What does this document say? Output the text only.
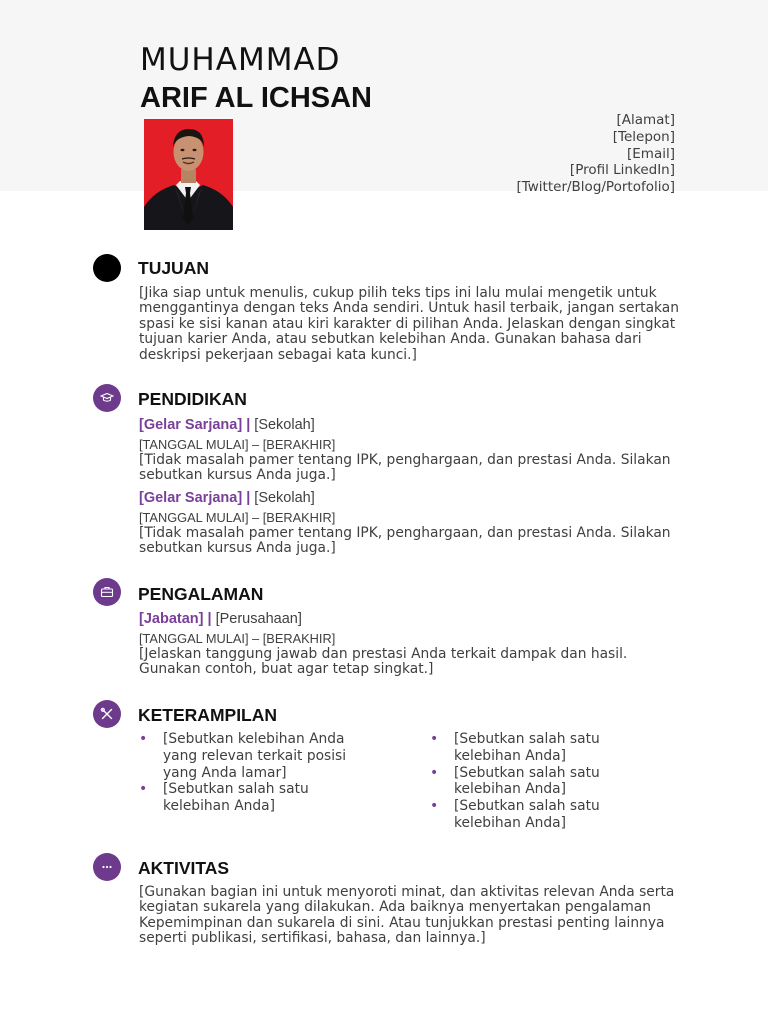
MUHAMMAD
ARIF AL ICHSAN
[Alamat]
[Telepon]
[Email]
[Profil LinkedIn]
[Twitter/Blog/Portofolio]
TUJUAN
[Jika siap untuk menulis, cukup pilih teks tips ini lalu mulai mengetik untuk menggantinya dengan teks Anda sendiri. Untuk hasil terbaik, jangan sertakan spasi ke sisi kanan atau kiri karakter di pilihan Anda. Jelaskan dengan singkat tujuan karier Anda, atau sebutkan kelebihan Anda. Gunakan bahasa dari deskripsi pekerjaan sebagai kata kunci.]
PENDIDIKAN
[Gelar Sarjana] | [Sekolah]
[TANGGAL MULAI] – [BERAKHIR]
[Tidak masalah pamer tentang IPK, penghargaan, dan prestasi Anda. Silakan sebutkan kursus Anda juga.]
[Gelar Sarjana] | [Sekolah]
[TANGGAL MULAI] – [BERAKHIR]
[Tidak masalah pamer tentang IPK, penghargaan, dan prestasi Anda. Silakan sebutkan kursus Anda juga.]
PENGALAMAN
[Jabatan] | [Perusahaan]
[TANGGAL MULAI] – [BERAKHIR]
[Jelaskan tanggung jawab dan prestasi Anda terkait dampak dan hasil. Gunakan contoh, buat agar tetap singkat.]
KETERAMPILAN
• [Sebutkan kelebihan Anda yang relevan terkait posisi yang Anda lamar]
• [Sebutkan salah satu kelebihan Anda]
• [Sebutkan salah satu kelebihan Anda]
• [Sebutkan salah satu kelebihan Anda]
• [Sebutkan salah satu kelebihan Anda]
AKTIVITAS
[Gunakan bagian ini untuk menyoroti minat, dan aktivitas relevan Anda serta kegiatan sukarela yang dilakukan. Ada baiknya menyertakan pengalaman Kepemimpinan dan sukarela di sini. Atau tunjukkan prestasi penting lainnya seperti publikasi, sertifikasi, bahasa, dan lainnya.]
